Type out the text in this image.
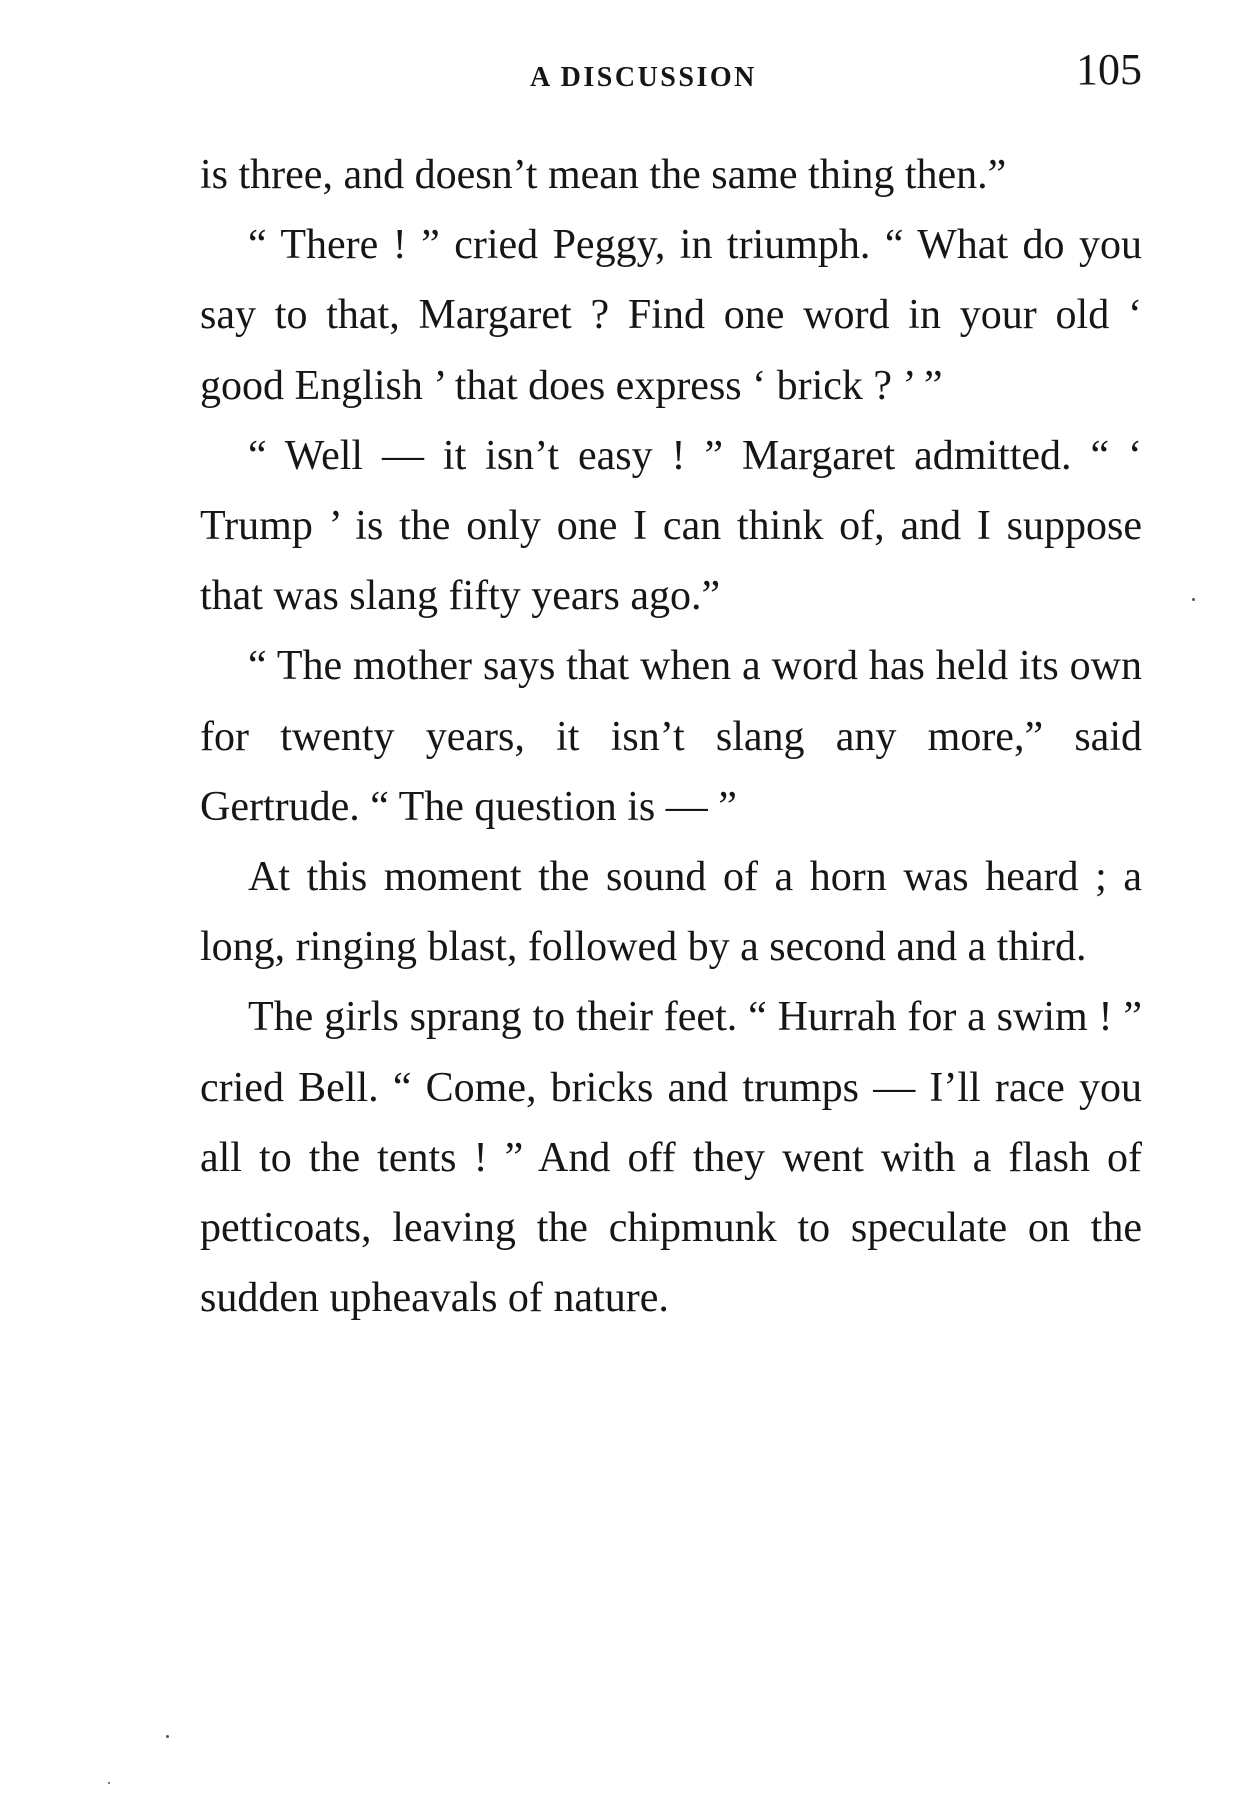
A DISCUSSION	105

is three, and doesn’t mean the same thing then.”

“ There ! ” cried Peggy, in triumph. “ What do you say to that, Margaret ? Find one word in your old ‘ good English ’ that does express ‘ brick ? ’ ”

“ Well — it isn’t easy ! ” Margaret admitted. “ ‘ Trump ’ is the only one I can think of, and I suppose that was slang fifty years ago.”

“ The mother says that when a word has held its own for twenty years, it isn’t slang any more,” said Gertrude. “ The question is — ”

At this moment the sound of a horn was heard ; a long, ringing blast, followed by a second and a third.

The girls sprang to their feet. “ Hurrah for a swim ! ” cried Bell. “ Come, bricks and trumps — I’ll race you all to the tents ! ” And off they went with a flash of petticoats, leaving the chipmunk to speculate on the sudden upheavals of nature.
